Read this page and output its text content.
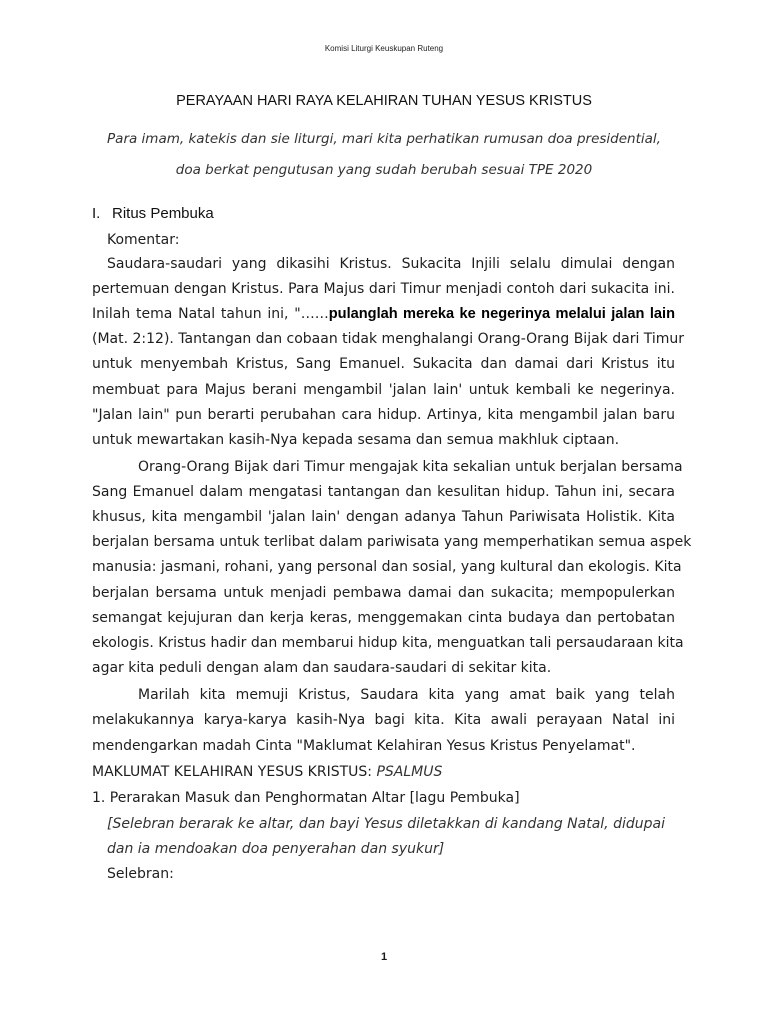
Komisi Liturgi Keuskupan Ruteng
PERAYAAN HARI RAYA KELAHIRAN TUHAN YESUS KRISTUS
Para imam, katekis dan sie liturgi, mari kita perhatikan rumusan doa presidential,
doa berkat pengutusan yang sudah berubah sesuai TPE 2020
I. Ritus Pembuka
Komentar:
Saudara-saudari yang dikasihi Kristus. Sukacita Injili selalu dimulai dengan
pertemuan dengan Kristus. Para Majus dari Timur menjadi contoh dari sukacita ini.
Inilah tema Natal tahun ini, "……pulanglah mereka ke negerinya melalui jalan lain
(Mat. 2:12). Tantangan dan cobaan tidak menghalangi Orang-Orang Bijak dari Timur
untuk menyembah Kristus, Sang Emanuel. Sukacita dan damai dari Kristus itu
membuat para Majus berani mengambil 'jalan lain' untuk kembali ke negerinya.
"Jalan lain" pun berarti perubahan cara hidup. Artinya, kita mengambil jalan baru
untuk mewartakan kasih-Nya kepada sesama dan semua makhluk ciptaan.
Orang-Orang Bijak dari Timur mengajak kita sekalian untuk berjalan bersama
Sang Emanuel dalam mengatasi tantangan dan kesulitan hidup. Tahun ini, secara
khusus, kita mengambil 'jalan lain' dengan adanya Tahun Pariwisata Holistik. Kita
berjalan bersama untuk terlibat dalam pariwisata yang memperhatikan semua aspek
manusia: jasmani, rohani, yang personal dan sosial, yang kultural dan ekologis. Kita
berjalan bersama untuk menjadi pembawa damai dan sukacita; mempopulerkan
semangat kejujuran dan kerja keras, menggemakan cinta budaya dan pertobatan
ekologis. Kristus hadir dan membarui hidup kita, menguatkan tali persaudaraan kita
agar kita peduli dengan alam dan saudara-saudari di sekitar kita.
Marilah kita memuji Kristus, Saudara kita yang amat baik yang telah
melakukannya karya-karya kasih-Nya bagi kita. Kita awali perayaan Natal ini
mendengarkan madah Cinta "Maklumat Kelahiran Yesus Kristus Penyelamat".
MAKLUMAT KELAHIRAN YESUS KRISTUS: PSALMUS
1. Perarakan Masuk dan Penghormatan Altar [lagu Pembuka]
[Selebran berarak ke altar, dan bayi Yesus diletakkan di kandang Natal, didupai
dan ia mendoakan doa penyerahan dan syukur]
Selebran:
1
